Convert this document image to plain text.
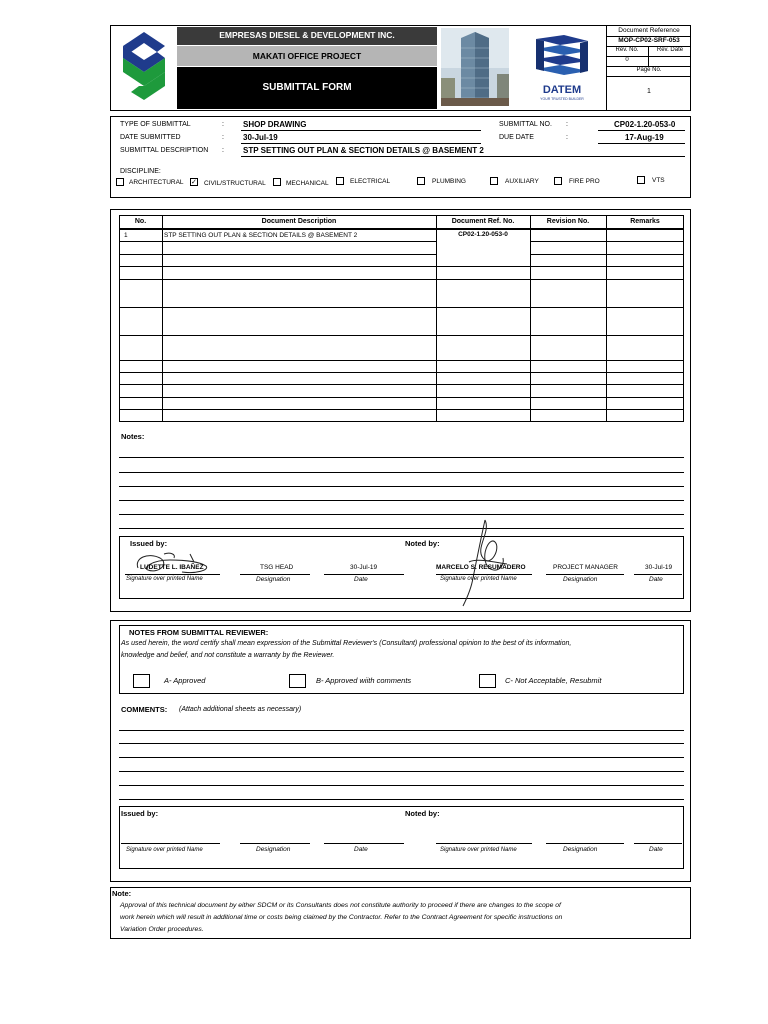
EMPRESAS DIESEL & DEVELOPMENT INC.
MAKATI OFFICE PROJECT
SUBMITTAL FORM	DATEM
YOUR TRUSTED BUILDER
Document Reference
MOP-CP02-SRF-053
Rev. No.	Rev. Date
0
Page No.
1
TYPE OF SUBMITTAL	: SHOP DRAWING
DATE SUBMITTED	: 30-Jul-19
SUBMITTAL DESCRIPTION : STP SETTING OUT PLAN & SECTION DETAILS @ BASEMENT 2
SUBMITTAL NO. :	CP02-1.20-053-0
DUE DATE	:	17-Aug-19
DISCIPLINE:
ARCHITECTURAL ✓ CIVIL/STRUCTURAL	MECHANICAL	ELECTRICAL	PLUMBING	AUXILIARY	FIRE PRO	VTS
No.	Document Description	Document Ref. No.	Revision No.	Remarks
1	STP SETTING OUT PLAN & SECTION DETAILS @ BASEMENT 2	CP02-1.20-053-0
Notes:
Issued by:	Noted by:
LUDETTE L. IBAÑEZ	TSG HEAD	30-Jul-19
Signature over printed Name	Designation	Date
MARCELO S. RESUMADERO	PROJECT MANAGER	30-Jul-19
Signature over printed Name	Designation	Date
NOTES FROM SUBMITTAL REVIEWER:
As used herein, the word certify shall mean expression of the Submittal Reviewer's (Consultant) professional opinion to the best of its information,
knowledge and belief, and not constitute a warranty by the Reviewer.
A- Approved	B- Approved wiith comments	C- Not Acceptable, Resubmit
COMMENTS: (Attach additional sheets as necessary)
Issued by:	Noted by:
Signature over printed Name	Designation	Date	Signature over printed Name	Designation	Date
Note:
Approval of this technical document by either SDCM or its Consultants does not constitute authority to proceed if there are changes to the scope of
work herein which will result in additional time or costs being claimed by the Contractor. Refer to the Contract Agreement for specific instructions on
Variation Order procedures.
